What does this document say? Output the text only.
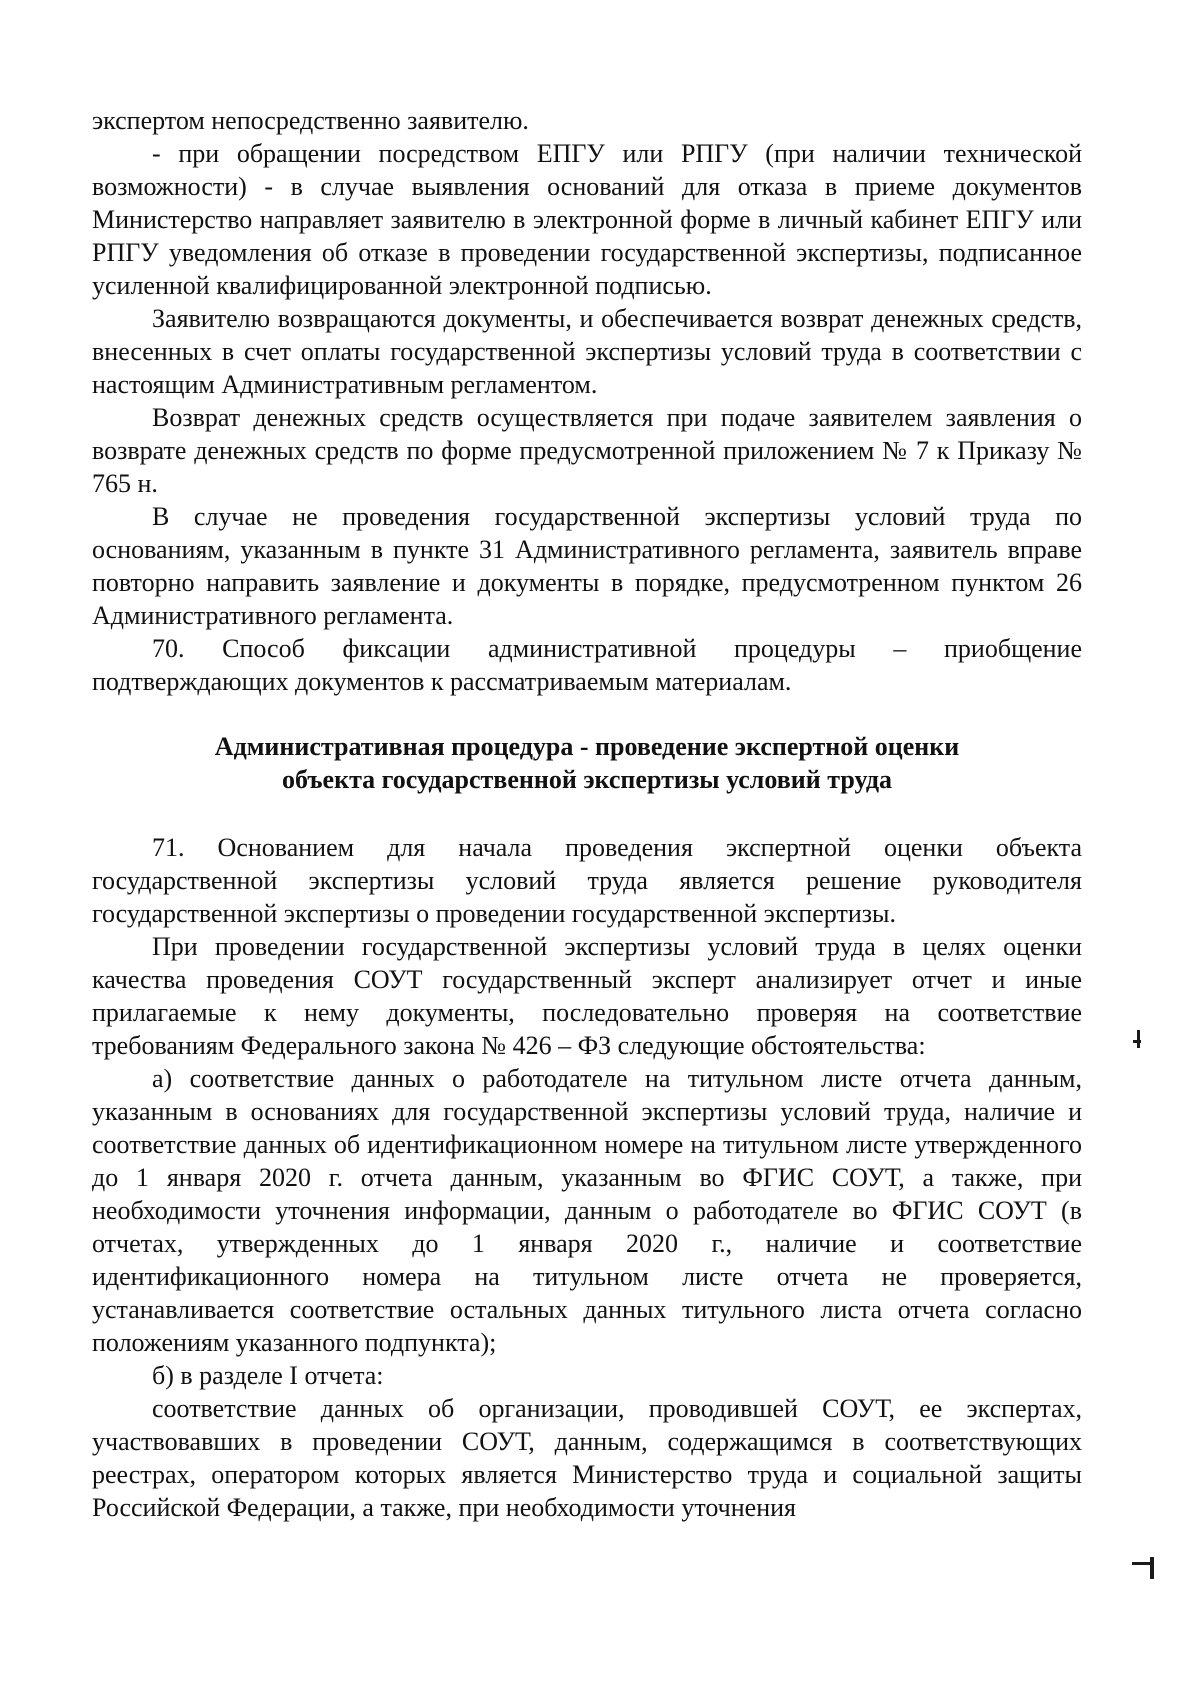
экспертом непосредственно заявителю.

- при обращении посредством ЕПГУ или РПГУ (при наличии технической возможности) - в случае выявления оснований для отказа в приеме документов Министерство направляет заявителю в электронной форме в личный кабинет ЕПГУ или РПГУ уведомления об отказе в проведении государственной экспертизы, подписанное усиленной квалифицированной электронной подписью.

Заявителю возвращаются документы, и обеспечивается возврат денежных средств, внесенных в счет оплаты государственной экспертизы условий труда в соответствии с настоящим Административным регламентом.

Возврат денежных средств осуществляется при подаче заявителем заявления о возврате денежных средств по форме предусмотренной приложением № 7 к Приказу № 765 н.

В случае не проведения государственной экспертизы условий труда по основаниям, указанным в пункте 31 Административного регламента, заявитель вправе повторно направить заявление и документы в порядке, предусмотренном пунктом 26 Административного регламента.

70. Способ фиксации административной процедуры – приобщение подтверждающих документов к рассматриваемым материалам.

Административная процедура - проведение экспертной оценки
объекта государственной экспертизы условий труда

71. Основанием для начала проведения экспертной оценки объекта государственной экспертизы условий труда является решение руководителя государственной экспертизы о проведении государственной экспертизы.

При проведении государственной экспертизы условий труда в целях оценки качества проведения СОУТ государственный эксперт анализирует отчет и иные прилагаемые к нему документы, последовательно проверяя на соответствие требованиям Федерального закона № 426 – ФЗ следующие обстоятельства:

а) соответствие данных о работодателе на титульном листе отчета данным, указанным в основаниях для государственной экспертизы условий труда, наличие и соответствие данных об идентификационном номере на титульном листе утвержденного до 1 января 2020 г. отчета данным, указанным во ФГИС СОУТ, а также, при необходимости уточнения информации, данным о работодателе во ФГИС СОУТ (в отчетах, утвержденных до 1 января 2020 г., наличие и соответствие идентификационного номера на титульном листе отчета не проверяется, устанавливается соответствие остальных данных титульного листа отчета согласно положениям указанного подпункта);

б) в разделе I отчета:

соответствие данных об организации, проводившей СОУТ, ее экспертах, участвовавших в проведении СОУТ, данным, содержащимся в соответствующих реестрах, оператором которых является Министерство труда и социальной защиты Российской Федерации, а также, при необходимости уточнения
